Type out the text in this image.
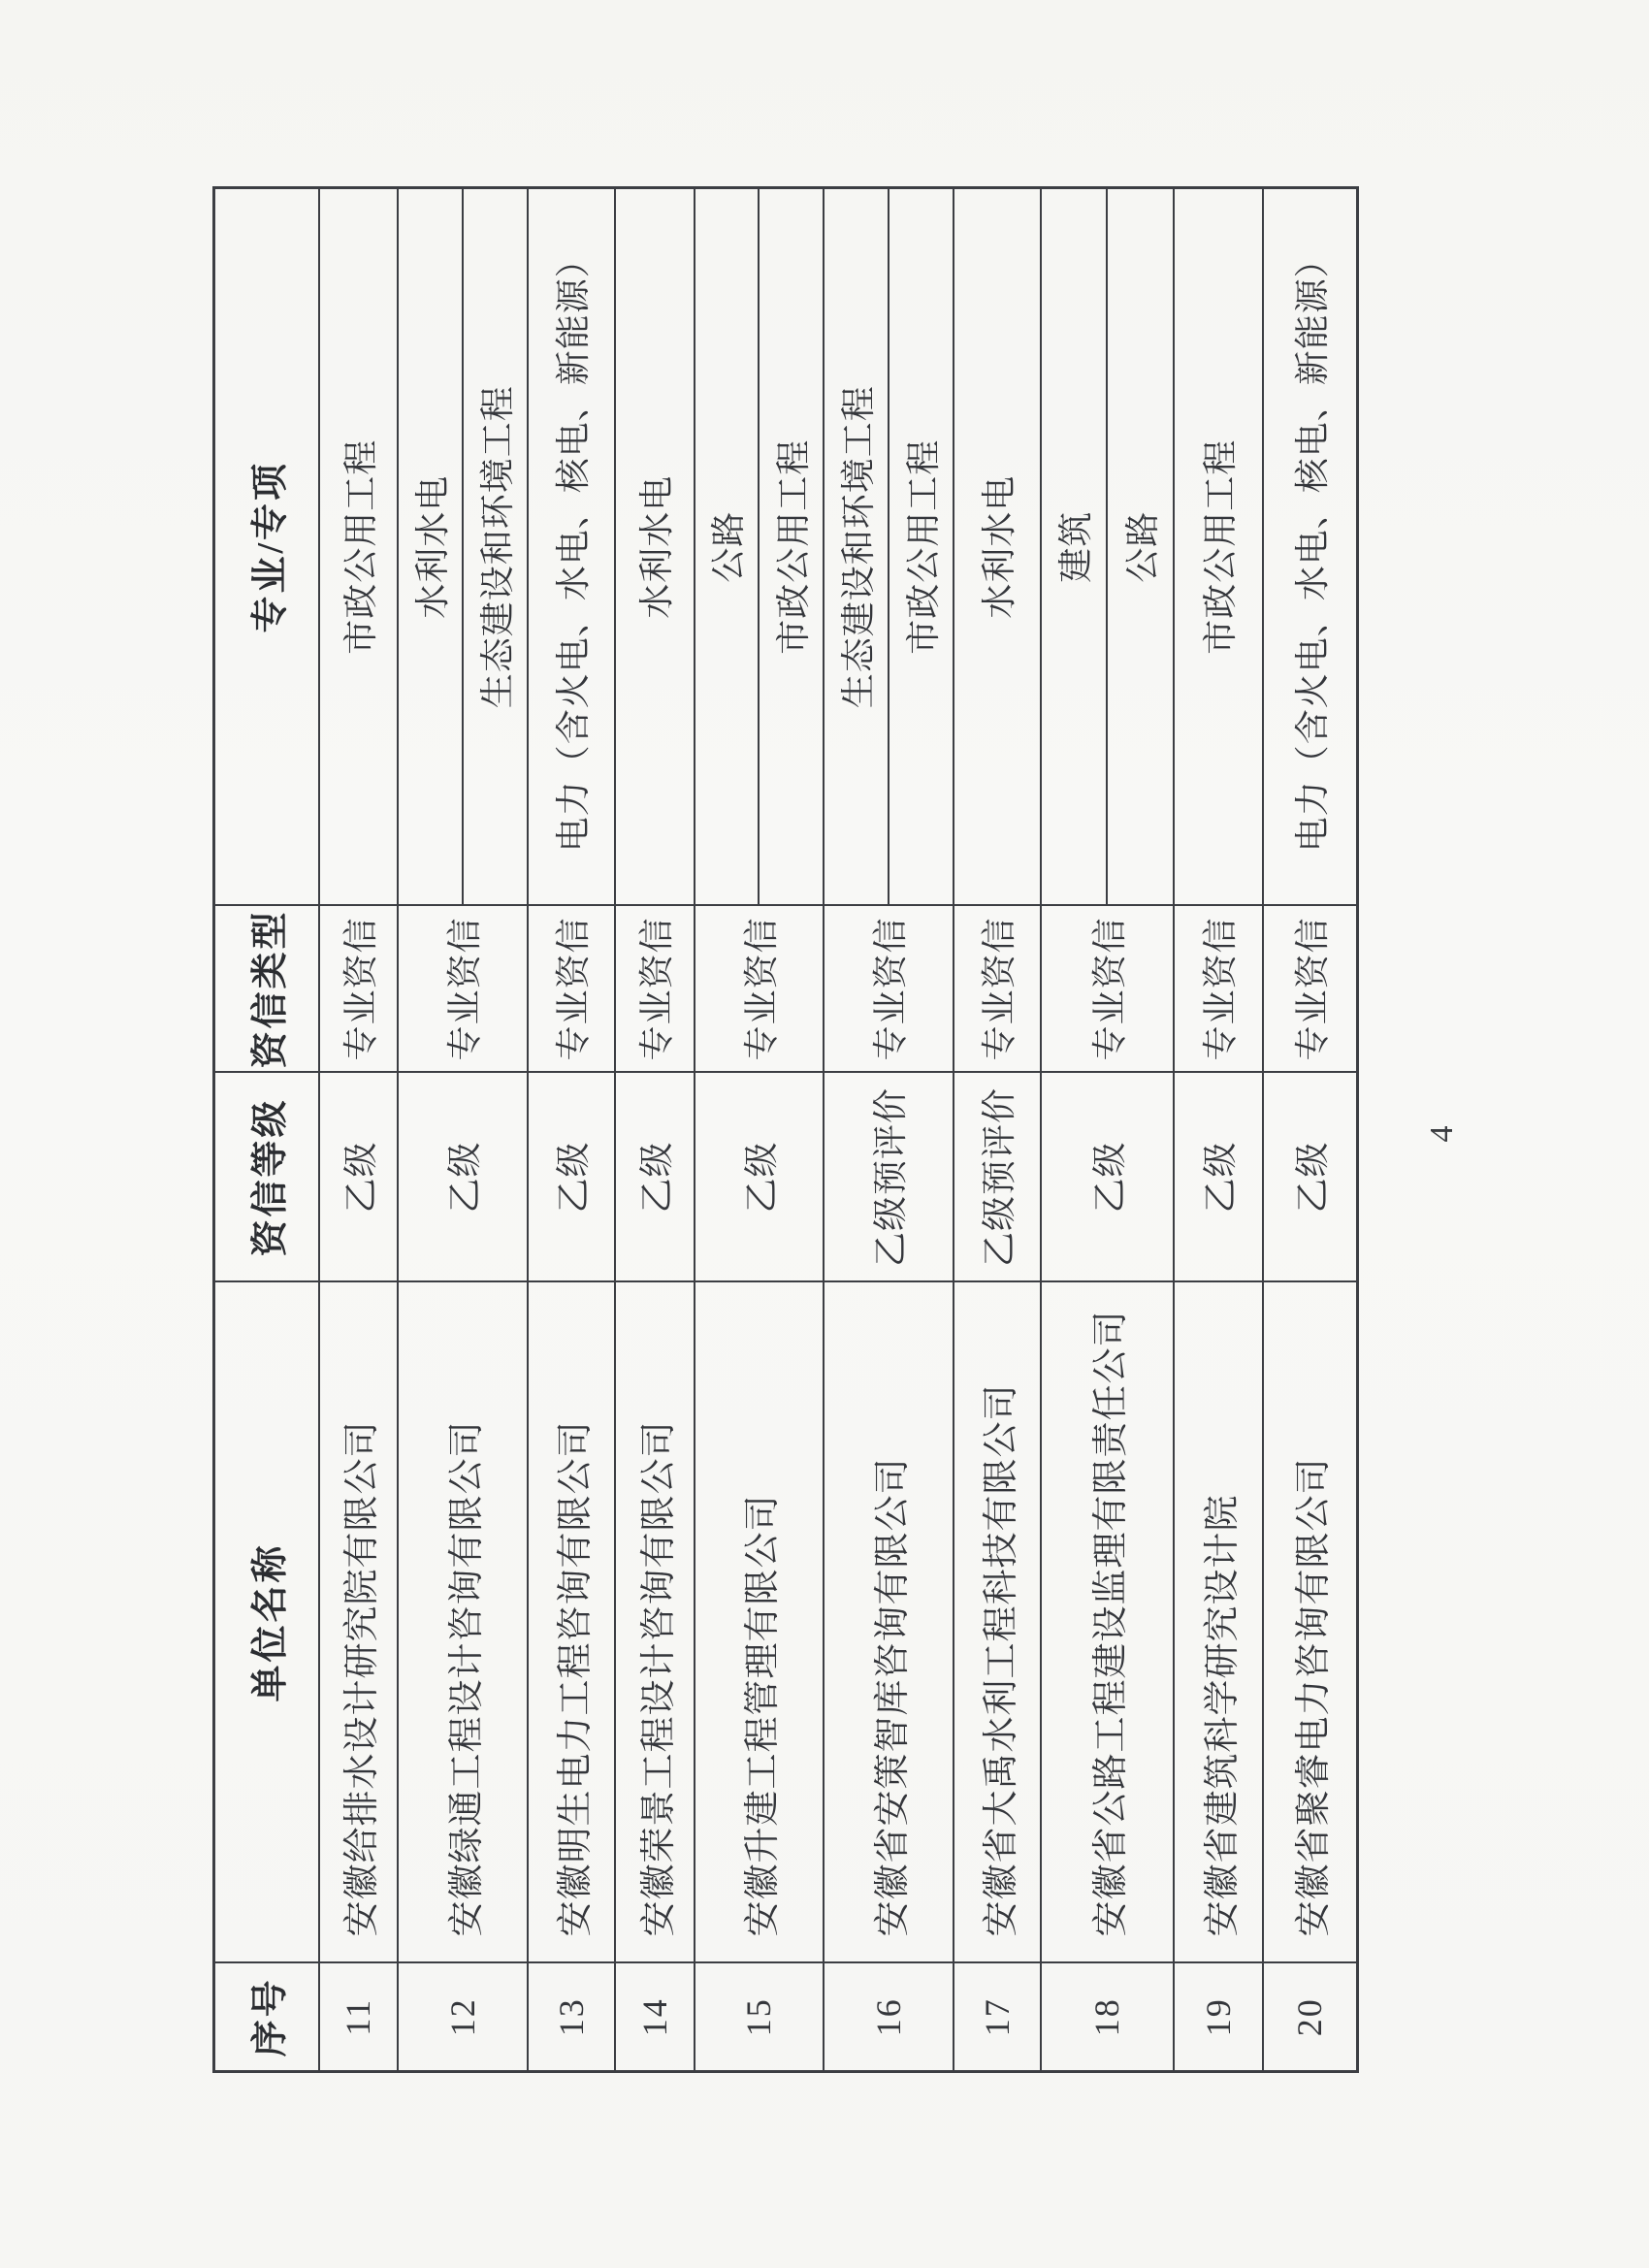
序号	单位名称	资信等级	资信类型	专业/专项
11	安徽给排水设计研究院有限公司	乙级	专业资信	市政公用工程
12	安徽绿通工程设计咨询有限公司	乙级	专业资信	水利水电 生态建设和环境工程

13	安徽明生电力工程咨询有限公司	乙级	专业资信	电力（含火电、水电、核电、新能源）
14	安徽荣景工程设计咨询有限公司	乙级	专业资信	水利水电
15	安徽升建工程管理有限公司	乙级	专业资信	公路 市政公用工程

16	安徽省安策智库咨询有限公司	乙级预评价	专业资信	生态建设和环境工程 市政公用工程

17	安徽省大禹水利工程科技有限公司	乙级预评价	专业资信	水利水电
18	安徽省公路工程建设监理有限责任公司	乙级	专业资信	建筑 公路

19	安徽省建筑科学研究设计院	乙级	专业资信	市政公用工程
20	安徽省聚睿电力咨询有限公司	乙级	专业资信	电力（含火电、水电、核电、新能源）
4
